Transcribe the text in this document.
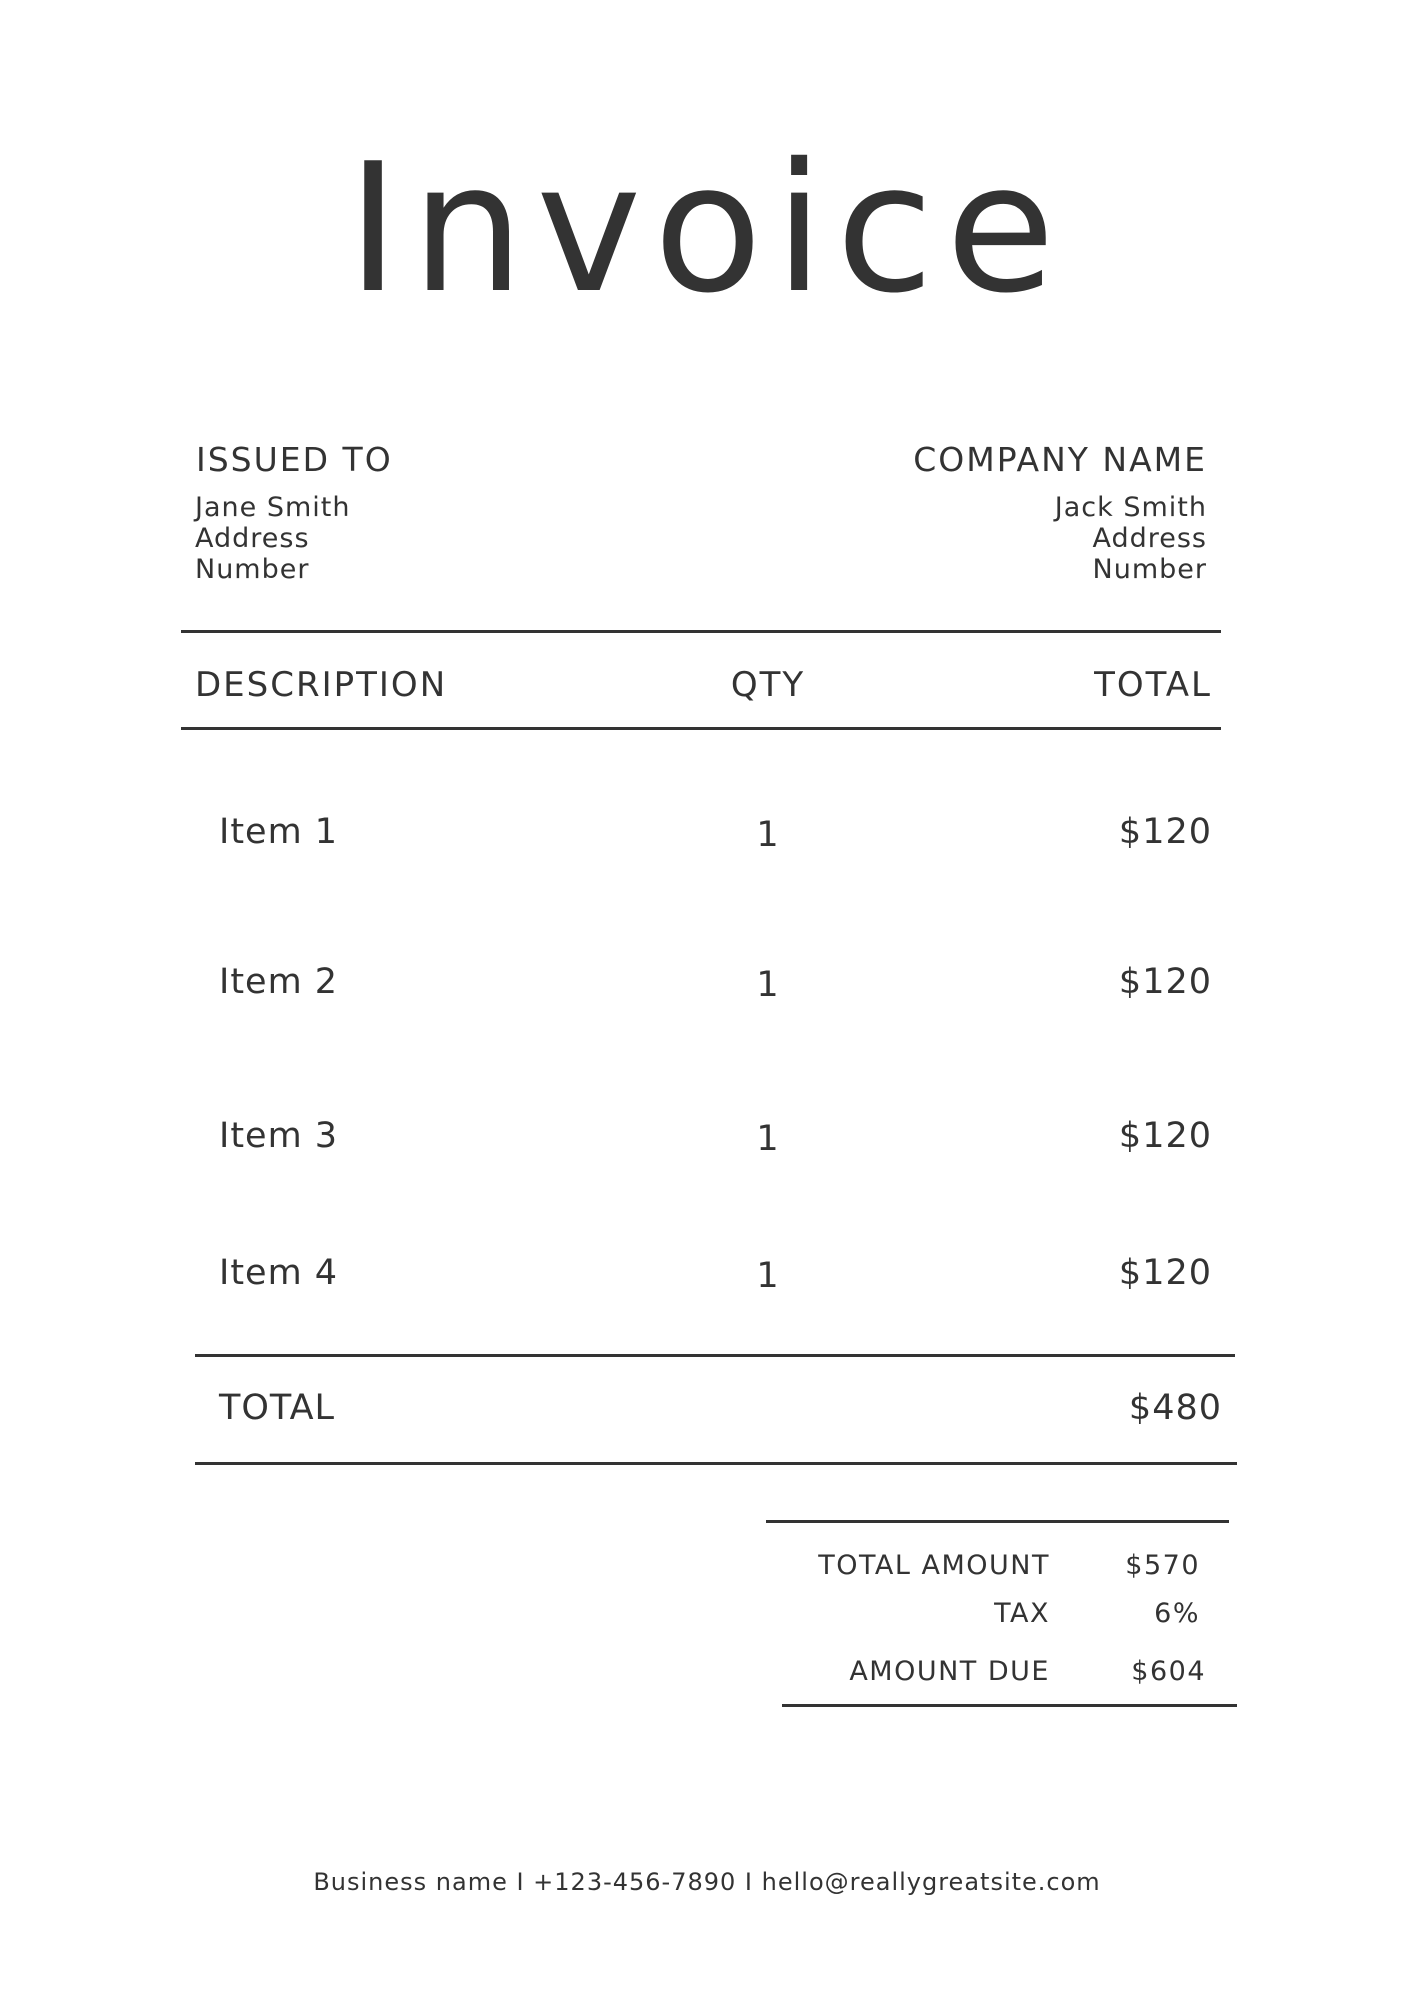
Invoice
ISSUED TO
Jane Smith
Address
Number
COMPANY NAME
Jack Smith
Address
Number
DESCRIPTION	QTY	TOTAL
Item 1	1	$120
Item 2	1	$120
Item 3	1	$120
Item 4	1	$120
TOTAL	$480
TOTAL AMOUNT	$570
TAX	6%
AMOUNT DUE	$604
Business name I +123-456-7890 I hello@reallygreatsite.com
